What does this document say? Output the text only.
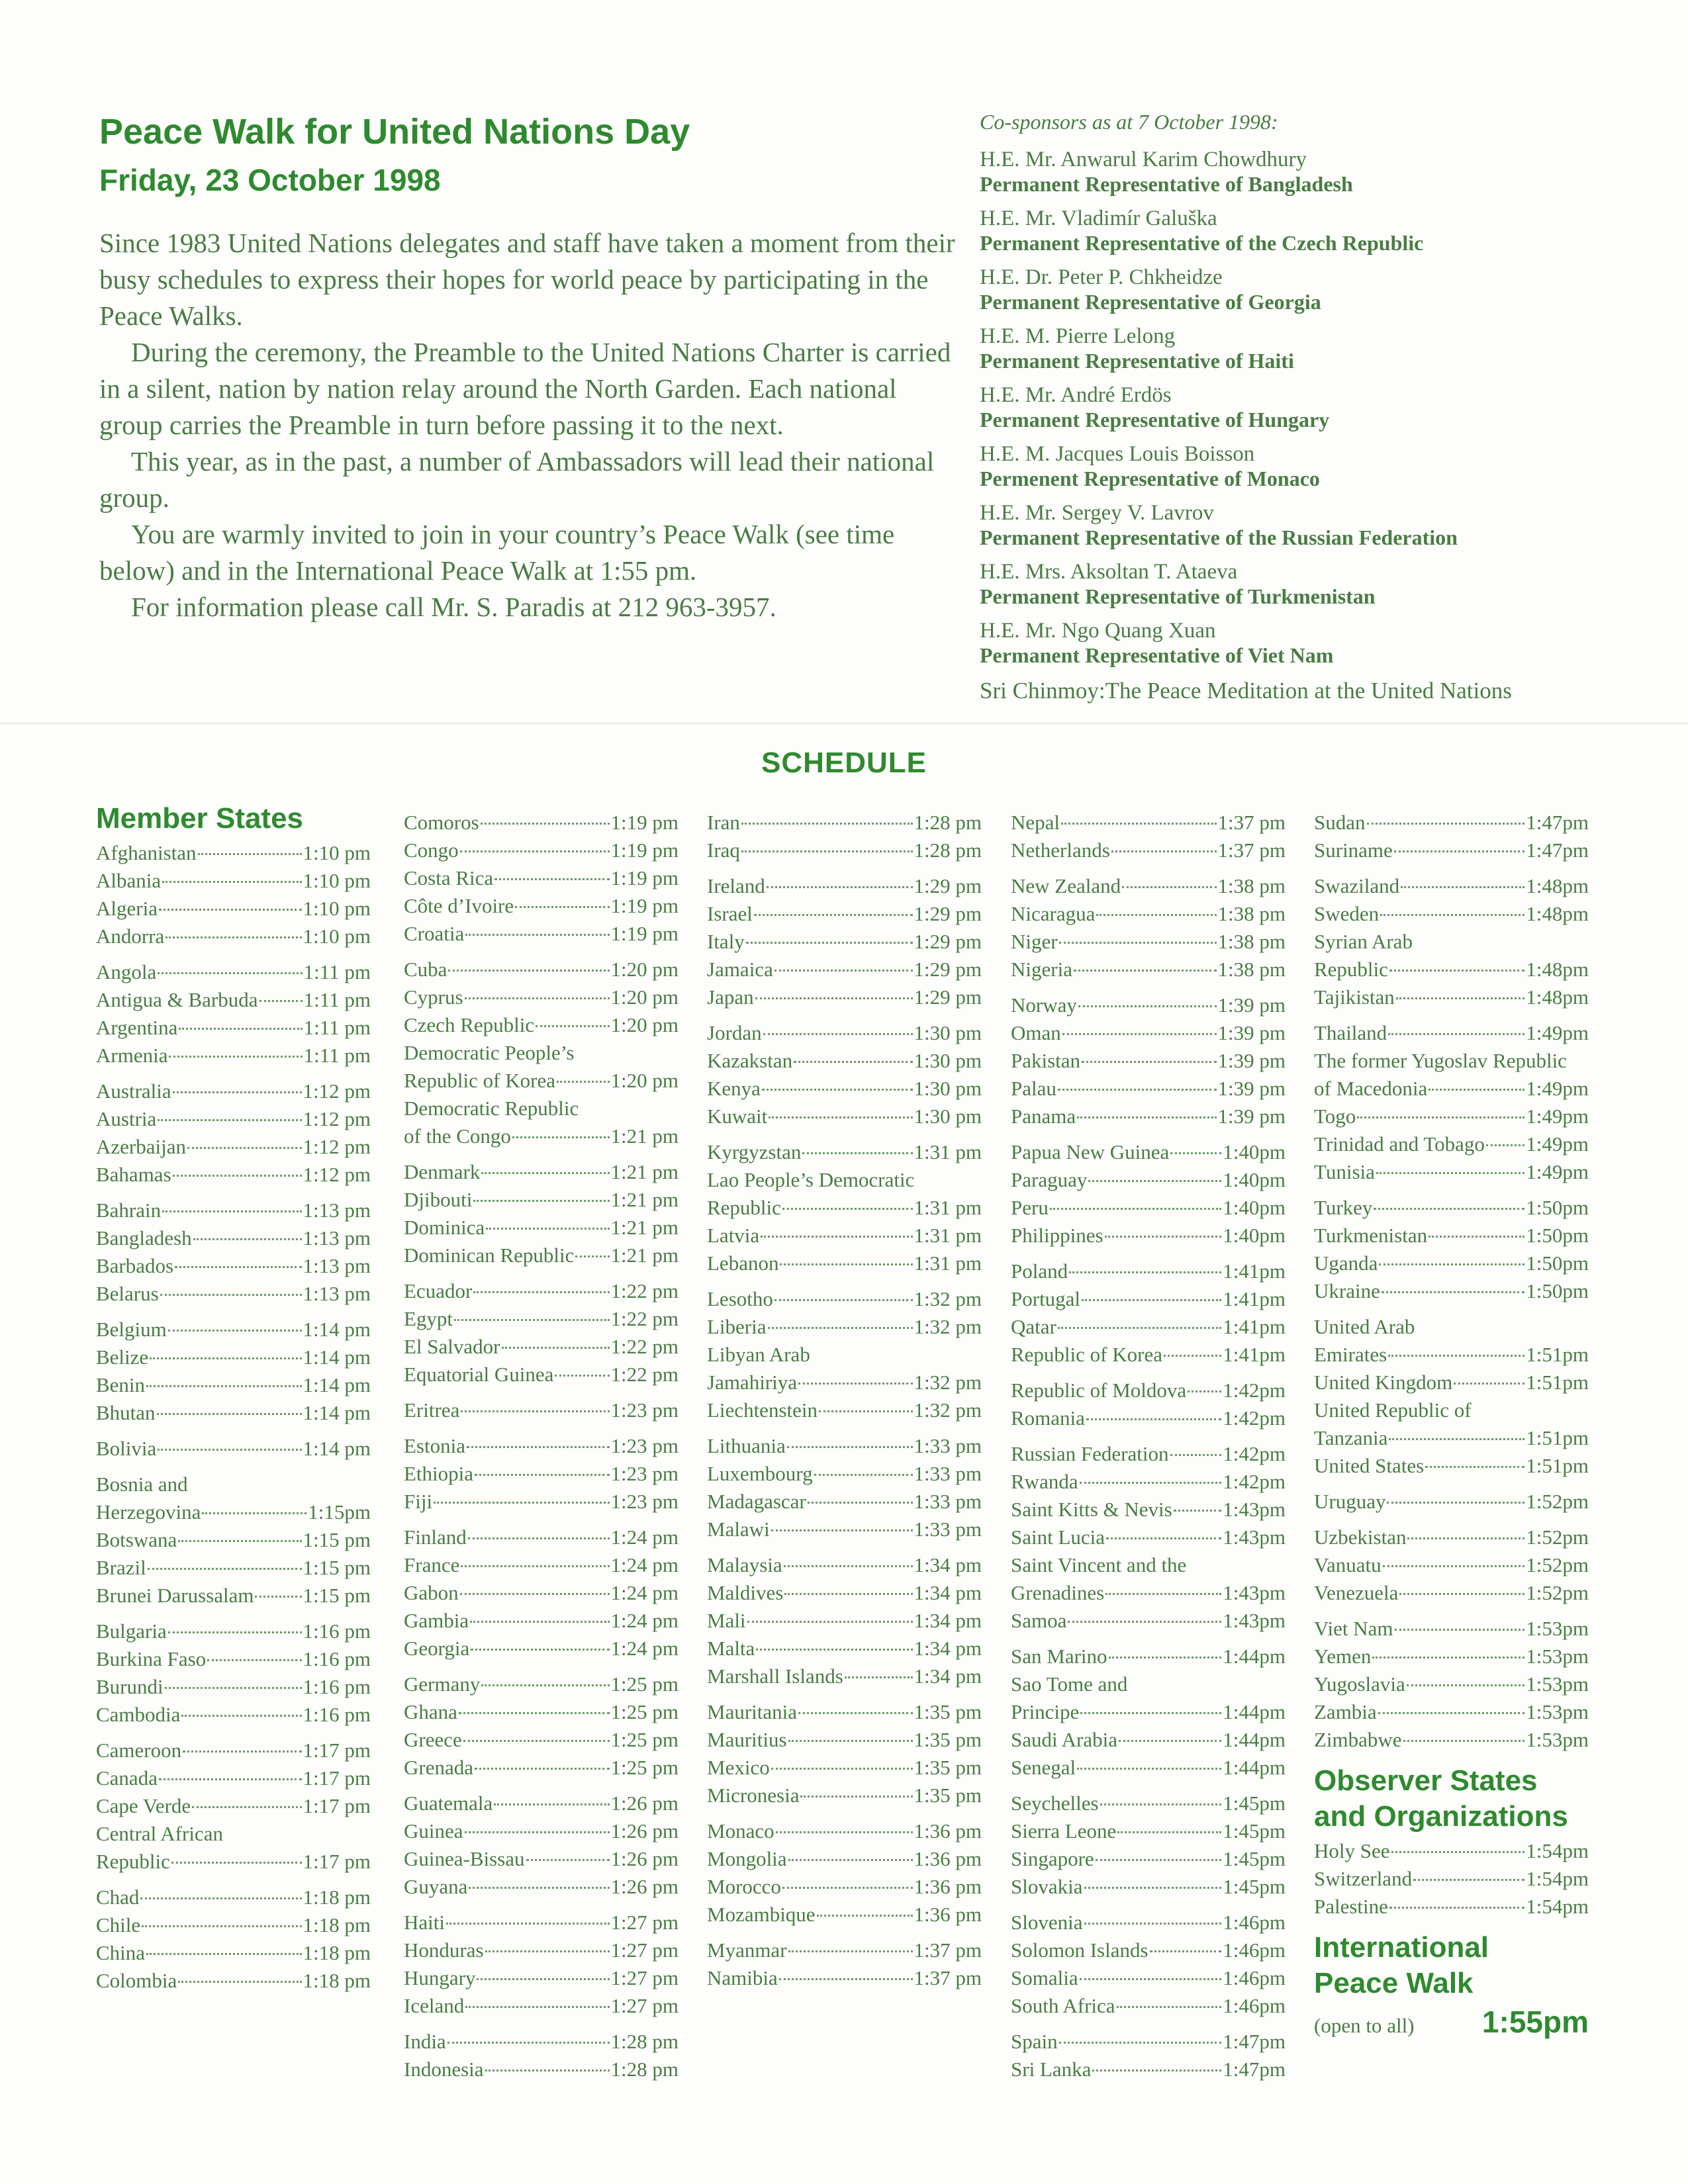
Peace Walk for United Nations Day
Friday, 23 October 1998

Since 1983 United Nations delegates and staff have taken a moment from their busy schedules to express their hopes for world peace by participating in the Peace Walks.

During the ceremony, the Preamble to the United Nations Charter is carried in a silent, nation by nation relay around the North Garden. Each national group carries the Preamble in turn before passing it to the next.

This year, as in the past, a number of Ambassadors will lead their national group.

You are warmly invited to join in your country’s Peace Walk (see time below) and in the International Peace Walk at 1:55 pm.

For information please call Mr. S. Paradis at 212 963-3957.

Co-sponsors as at 7 October 1998:
H.E. Mr. Anwarul Karim Chowdhury
Permanent Representative of Bangladesh
H.E. Mr. Vladimír Galuška
Permanent Representative of the Czech Republic
H.E. Dr. Peter P. Chkheidze
Permanent Representative of Georgia
H.E. M. Pierre Lelong
Permanent Representative of Haiti
H.E. Mr. André Erdös
Permanent Representative of Hungary
H.E. M. Jacques Louis Boisson
Permenent Representative of Monaco
H.E. Mr. Sergey V. Lavrov
Permanent Representative of the Russian Federation
H.E. Mrs. Aksoltan T. Ataeva
Permanent Representative of Turkmenistan
H.E. Mr. Ngo Quang Xuan
Permanent Representative of Viet Nam
Sri Chinmoy:The Peace Meditation at the United Nations
SCHEDULE
Member States
Afghanistan	1:10 pm
Albania	1:10 pm
Algeria	1:10 pm
Andorra	1:10 pm
Angola	1:11 pm
Antigua & Barbuda 1:11 pm
Argentina	1:11 pm
Armenia	1:11 pm
Australia	1:12 pm
Austria	1:12 pm
Azerbaijan	1:12 pm
Bahamas	1:12 pm
Bahrain	1:13 pm
Bangladesh	1:13 pm
Barbados	1:13 pm
Belarus	1:13 pm
Belgium	1:14 pm
Belize	1:14 pm
Benin	1:14 pm
Bhutan	1:14 pm
Bolivia	1:14 pm
Bosnia and
Herzegovina	1:15pm
Botswana	1:15 pm
Brazil	1:15 pm
Brunei Darussalam 1:15 pm
Bulgaria	1:16 pm
Burkina Faso	1:16 pm
Burundi	1:16 pm
Cambodia	1:16 pm
Cameroon	1:17 pm
Canada	1:17 pm
Cape Verde	1:17 pm
Central African
Republic	1:17 pm
Chad	1:18 pm
Chile	1:18 pm
China	1:18 pm
Colombia	1:18 pm
Comoros	1:19 pm
Congo	1:19 pm
Costa Rica	1:19 pm
Côte d’Ivoire	1:19 pm
Croatia	1:19 pm
Cuba	1:20 pm
Cyprus	1:20 pm
Czech Republic	1:20 pm
Democratic People’s
Republic of Korea	1:20 pm
Democratic Republic
of the Congo	1:21 pm
Denmark	1:21 pm
Djibouti	1:21 pm
Dominica	1:21 pm
Dominican Republic 1:21 pm
Ecuador	1:22 pm
Egypt	1:22 pm
El Salvador	1:22 pm
Equatorial Guinea	1:22 pm
Eritrea	1:23 pm
Estonia	1:23 pm
Ethiopia	1:23 pm
Fiji	1:23 pm
Finland	1:24 pm
France	1:24 pm
Gabon	1:24 pm
Gambia	1:24 pm
Georgia	1:24 pm
Germany	1:25 pm
Ghana	1:25 pm
Greece	1:25 pm
Grenada	1:25 pm
Guatemala	1:26 pm
Guinea	1:26 pm
Guinea-Bissau	1:26 pm
Guyana	1:26 pm
Haiti	1:27 pm
Honduras	1:27 pm
Hungary	1:27 pm
Iceland	1:27 pm
India	1:28 pm
Indonesia	1:28 pm
Iran	1:28 pm
Iraq	1:28 pm
Ireland	1:29 pm
Israel	1:29 pm
Italy	1:29 pm
Jamaica	1:29 pm
Japan	1:29 pm
Jordan	1:30 pm
Kazakstan	1:30 pm
Kenya	1:30 pm
Kuwait	1:30 pm
Kyrgyzstan	1:31 pm
Lao People’s Democratic
Republic	1:31 pm
Latvia	1:31 pm
Lebanon	1:31 pm
Lesotho	1:32 pm
Liberia	1:32 pm
Libyan Arab
Jamahiriya	1:32 pm
Liechtenstein	1:32 pm
Lithuania	1:33 pm
Luxembourg	1:33 pm
Madagascar	1:33 pm
Malawi	1:33 pm
Malaysia	1:34 pm
Maldives	1:34 pm
Mali	1:34 pm
Malta	1:34 pm
Marshall Islands	1:34 pm
Mauritania	1:35 pm
Mauritius	1:35 pm
Mexico	1:35 pm
Micronesia	1:35 pm
Monaco	1:36 pm
Mongolia	1:36 pm
Morocco	1:36 pm
Mozambique	1:36 pm
Myanmar	1:37 pm
Namibia	1:37 pm
Nepal	1:37 pm
Netherlands	1:37 pm
New Zealand	1:38 pm
Nicaragua	1:38 pm
Niger	1:38 pm
Nigeria	1:38 pm
Norway	1:39 pm
Oman	1:39 pm
Pakistan	1:39 pm
Palau	1:39 pm
Panama	1:39 pm
Papua New Guinea	1:40pm
Paraguay	1:40pm
Peru	1:40pm
Philippines	1:40pm
Poland	1:41pm
Portugal	1:41pm
Qatar	1:41pm
Republic of Korea	1:41pm
Republic of Moldova 1:42pm
Romania	1:42pm
Russian Federation	1:42pm
Rwanda	1:42pm
Saint Kitts & Nevis 1:43pm
Saint Lucia	1:43pm
Saint Vincent and the
Grenadines	1:43pm
Samoa	1:43pm
San Marino	1:44pm
Sao Tome and
Principe	1:44pm
Saudi Arabia	1:44pm
Senegal	1:44pm
Seychelles	1:45pm
Sierra Leone	1:45pm
Singapore	1:45pm
Slovakia	1:45pm
Slovenia	1:46pm
Solomon Islands	1:46pm
Somalia	1:46pm
South Africa	1:46pm
Spain	1:47pm
Sri Lanka	1:47pm
Sudan	1:47pm
Suriname	1:47pm
Swaziland	1:48pm
Sweden	1:48pm
Syrian Arab
Republic	1:48pm
Tajikistan	1:48pm
Thailand	1:49pm
The former Yugoslav Republic
of Macedonia	1:49pm
Togo	1:49pm
Trinidad and Tobago 1:49pm
Tunisia	1:49pm
Turkey	1:50pm
Turkmenistan	1:50pm
Uganda	1:50pm
Ukraine	1:50pm
United Arab
Emirates	1:51pm
United Kingdom	1:51pm
United Republic of
Tanzania	1:51pm
United States	1:51pm
Uruguay	1:52pm
Uzbekistan	1:52pm
Vanuatu	1:52pm
Venezuela	1:52pm
Viet Nam	1:53pm
Yemen	1:53pm
Yugoslavia	1:53pm
Zambia	1:53pm
Zimbabwe	1:53pm
Observer States
and Organizations
Holy See	1:54pm
Switzerland	1:54pm
Palestine	1:54pm
International
Peace Walk
(open to all) 1:55pm
